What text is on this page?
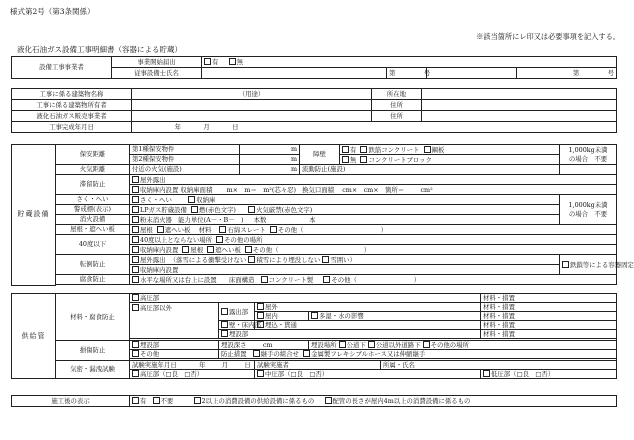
様式第2号（第3条関係）
※該当箇所にレ印又は必要事項を記入する。
液化石油ガス設備工事明細書（容器による貯蔵）
設備工事事業者	事業開始届出	有 無			
	従事設備士氏名		第 号		第 号
工事に係る建築物名称	（用途）	所在地	
工事に係る建築物所有者		住所	
液化石油ガス販売事業者		住所	
工事完成年月日	年 月 日		
貯蔵設備	保安距離	第1種保安物件	m	障壁	有 鉄筋コンクリート 鋼板	1,000kg未満
の場合　不要
		第2種保安物件	m		無 コンクリートブロック	
	火気距離	付近の火気(施設)	m	流動防止(施設)		
	滞留防止	屋外露出				
		収納庫内設置 収納庫面積 m×　m＝　m²(芯々忍) 換気口面積 cm×　cm×　箇所＝ cm²				
	さく・へい	さく・へい 収納庫				1,000kg未満
の場合　不要
	警戒標(表示)	LPガス貯蔵設備 燃(赤色文字) 火気厳禁(赤色文字)				
	消火設備	粉末消火器 能力単位(A－・B－　) 本数 本				
	屋根・遮へい板	屋根 遮へい板 材料 石綿スレート その他（ ）				
	40度以下	40度以上とならない場所 その他の場所				
		収納庫内設置 屋根 遮へい板 その他（ ）				
	転倒防止	屋外露出 （落雪による衝撃受けない 積雪により埋没しない 雪囲い）				鉄鎖等による容器固定
		収納庫内設置				
	腐食防止	水平な場所又は台上に設置 床面構造 コンクリート製 その他（ ）				

供給管	材料・腐食防止	高圧部					材料・措置
		高圧部以外	露出部	屋外			材料・措置
				屋内	多湿・水の影響		材料・措置
			壁・床内部	埋込・貫通			材料・措置
			埋設部				材料・措置

	損傷防止	埋設部	埋設深さ cm		埋設場所 公道下 公道以外道路下 その他の場所		
		その他	防止措置 継手の組合せ 金属製フレキシブルホース又は伸縮継手				

	気密・漏洩試験	試験実施年月日 年 月 日		試験実施者		所属・氏名	
		高圧部（□良　□否）		中圧部（□良　□否）			低圧部（□良　□否）
施工後の表示	有 不要	2以上の消費設備の供給設備に係るもの	配管の長さが屋内4m以上の消費設備に係るもの
